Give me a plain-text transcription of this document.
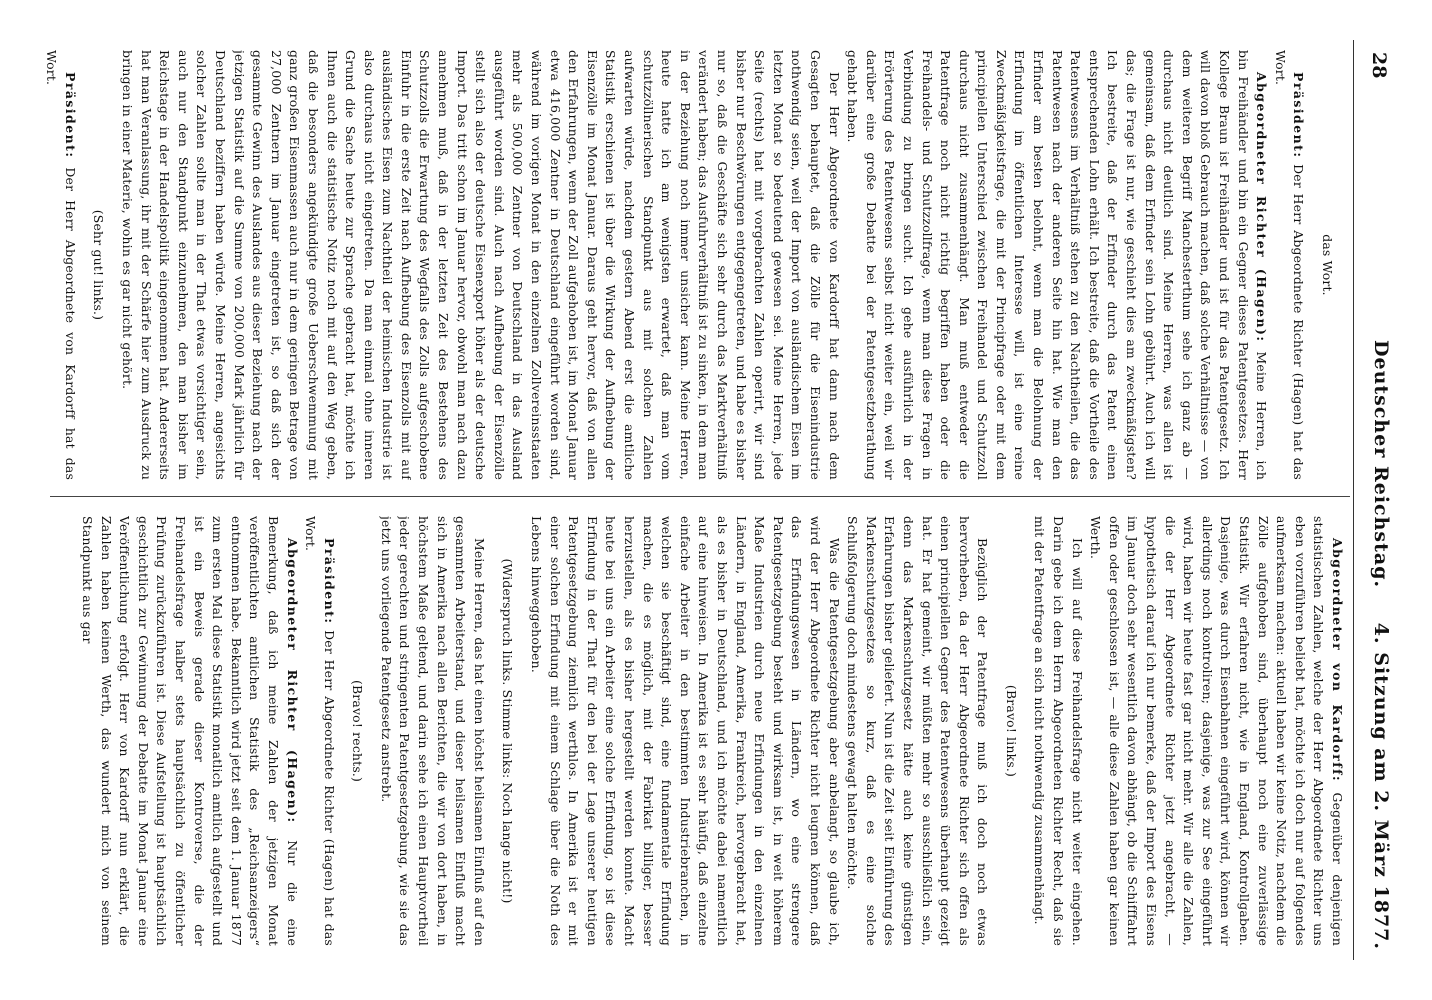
28
Deutscher Reichstag.
4. Sitzung am 2. März 1877.

das Wort.

Präsident: Der Herr Abgeordnete Richter (Hagen) hat das Wort.

Abgeordneter Richter (Hagen): Meine Herren, ich bin Freihändler und bin ein Gegner dieses Patentgesetzes. Herr Kollege Braun ist Freihändler und ist für das Patentgesetz. Ich will davon bloß Gebrauch machen, daß solche Verhältnisse — von dem weiteren Begriff Manchesterthum sehe ich ganz ab — durchaus nicht deutlich sind. Meine Herren, was allen ist gemeinsam, daß dem Erfinder sein Lohn gebührt. Auch ich will das; die Frage ist nur, wie geschieht dies am zweckmäßigsten? Ich bestreite, daß der Erfinder durch das Patent einen entsprechenden Lohn erhält. Ich bestreite, daß die Vortheile des Patentwesens im Verhältniß stehen zu den Nachtheilen, die das Patentwesen nach der anderen Seite hin hat. Wie man den Erfinder am besten belohnt, wenn man die Belohnung der Erfindung im öffentlichen Interesse will, ist eine reine Zweckmäßigkeitsfrage, die mit der Principfrage oder mit dem principiellen Unterschied zwischen Freihandel und Schutzzoll durchaus nicht zusammenhängt. Man muß entweder die Patentfrage noch nicht richtig begriffen haben oder die Freihandels- und Schutzzollfrage, wenn man diese Fragen in Verbindung zu bringen sucht. Ich gehe ausführlich in der Erörterung des Patentwesens selbst nicht weiter ein, weil wir darüber eine große Debatte bei der Patentgesetzberathung gehabt haben.

Der Herr Abgeordnete von Kardorff hat dann nach dem Gesagten behauptet, daß die Zölle für die Eisenindustrie nothwendig seien, weil der Import von ausländischem Eisen im letzten Monat so bedeutend gewesen sei. Meine Herren, jede Seite (rechts) hat mit vorgebrachten Zahlen operirt, wir sind bisher nur Beschwörungen entgegengetreten, und habe es bisher nur so, daß die Geschäfte sich sehr durch das Marktverhältniß verändert haben; das Ausfuhrverhältniß ist zu sinken, in dem man in der Beziehung noch immer unsicher kann. Meine Herren, heute hatte ich am wenigsten erwartet, daß man vom schutzzöllnerischen Standpunkt aus mit solchen Zahlen aufwarten würde, nachdem gestern Abend erst die amtliche Statistik erschienen ist über die Wirkung der Aufhebung der Eisenzölle im Monat Januar. Daraus geht hervor, daß von allen den Erfahrungen, wenn der Zoll aufgehoben ist, im Monat Januar etwa 416,000 Zentner in Deutschland eingeführt worden sind, während im vorigen Monat in den einzelnen Zollvereinsstaaten mehr als 500,000 Zentner von Deutschland in das Ausland ausgeführt worden sind. Auch nach Aufhebung der Eisenzölle stellt sich also der deutsche Eisenexport höher als der deutsche Import. Das tritt schon im Januar hervor, obwohl man nach dazu annehmen muß, daß in der letzten Zeit des Bestehens des Schutzzolls die Erwartung des Wegfalls des Zolls aufgeschobene Einfuhr in die erste Zeit nach Aufhebung des Eisenzolls mit auf ausländisches Eisen zum Nachtheil der heimischen Industrie ist also durchaus nicht eingetreten. Da man einmal ohne inneren Grund die Sache heute zur Sprache gebracht hat, möchte ich Ihnen auch die statistische Notiz noch mit auf den Weg geben, daß die besonders angekündigte große Ueberschwemmung mit ganz großen Eisenmassen auch nur in dem geringen Betrage von 27,000 Zentnern im Januar eingetreten ist, so daß sich der gesammte Gewinn des Auslandes aus dieser Beziehung nach der jetzigen Statistik auf die Summe von 200,000 Mark jährlich für Deutschland beziffern haben würde. Meine Herren, angesichts solcher Zahlen sollte man in der That etwas vorsichtiger sein, auch nur den Standpunkt einzunehmen, den man bisher im Reichstage in der Handelspolitik eingenommen hat. Andererseits hat man Veranlassung, ihr mit der Schärfe hier zum Ausdruck zu bringen in einer Materie, wohin es gar nicht gehört.

(Sehr gut! links.)

Präsident: Der Herr Abgeordnete von Kardorff hat das Wort.

Abgeordneter von Kardorff: Gegenüber denjenigen statistischen Zahlen, welche der Herr Abgeordnete Richter uns eben vorzuführen beliebt hat, möchte ich doch nur auf folgendes aufmerksam machen: aktuell haben wir keine Notiz, nachdem die Zölle aufgehoben sind, überhaupt noch eine zuverlässige Statistik. Wir erfahren nicht, wie in England, Kontrollgaben. Dasjenige, was durch Eisenbahnen eingeführt wird, können wir allerdings noch kontroliren; dasjenige, was zur See eingeführt wird, haben wir heute fast gar nicht mehr. Wir alle die Zahlen, die der Herr Abgeordnete Richter jetzt angebracht, — hypothetisch darauf ich nur bemerke, daß der Import des Eisens im Januar doch sehr wesentlich davon abhängt, ob die Schifffahrt offen oder geschlossen ist, — alle diese Zahlen haben gar keinen Werth.

Ich will auf diese Freihandelsfrage nicht weiter eingehen. Darin gebe ich dem Herrn Abgeordneten Richter Recht, daß sie mit der Patentfrage an sich nicht nothwendig zusammenhängt.

(Bravo! links.)

Bezüglich der Patentfrage muß ich doch noch etwas hervorheben, da der Herr Abgeordnete Richter sich offen als einen principiellen Gegner des Patentwesens überhaupt gezeigt hat. Er hat gemeint, wir müßten mehr so ausschließlich sein, denn das Markenschutzgesetz hätte auch keine günstigen Erfahrungen bisher geliefert. Nun ist die Zeit seit Einführung des Markenschutzgesetzes so kurz, daß es eine solche Schlußfolgerung doch mindestens gewagt halten möchte.

Was die Patentgesetzgebung aber anbelangt, so glaube ich, wird der Herr Abgeordnete Richter nicht leugnen können, daß das Erfindungswesen in Ländern, wo eine strengere Patentgesetzgebung besteht und wirksam ist, in weit höherem Maße Industrien durch neue Erfindungen in den einzelnen Ländern, in England, Amerika, Frankreich, hervorgebracht hat, als es bisher in Deutschland, und ich möchte dabei namentlich auf eine hinweisen. In Amerika ist es sehr häufig, daß einzelne einfache Arbeiter in den bestimmten Industriebranchen, in welchen sie beschäftigt sind, eine fundamentale Erfindung machen, die es möglich, mit der Fabrikat billiger, besser herzustellen, als es bisher hergestellt werden konnte. Macht heute bei uns ein Arbeiter eine solche Erfindung, so ist diese Erfindung in der That für den bei der Lage unserer heutigen Patentgesetzgebung ziemlich werthlos. In Amerika ist er mit einer solchen Erfindung mit einem Schlage über die Noth des Lebens hinweggehoben.

(Widerspruch links. Stimme links: Noch lange nicht!)

Meine Herren, das hat einen höchst heilsamen Einfluß auf den gesammten Arbeiterstand, und dieser heilsamen Einfluß macht sich in Amerika nach allen Berichten, die wir von dort haben, in höchstem Maße geltend, und darin sehe ich einen Hauptvortheil jeder gerechten und stringenten Patentgesetzgebung, wie sie das jetzt uns vorliegende Patentgesetz anstrebt.

(Bravo! rechts.)

Präsident: Der Herr Abgeordnete Richter (Hagen) hat das Wort.

Abgeordneter Richter (Hagen): Nur die eine Bemerkung, daß ich meine Zahlen der jetzigen Monat veröffentlichten amtlichen Statistik des „Reichsanzeigers“ entnommen habe. Bekanntlich wird jetzt seit dem 1. Januar 1877 zum ersten Mal diese Statistik monatlich amtlich aufgestellt und ist ein Beweis gerade dieser Kontroverse, die der Freihandelsfrage halber stets hauptsächlich zu öffentlicher Prüfung zurückzuführen ist. Diese Aufstellung ist hauptsächlich geschichtlich zur Gewinnung der Debatte im Monat Januar eine Veröffentlichung erfolgt. Herr von Kardorff nun erklärt, die Zahlen haben keinen Werth, das wundert mich von seinem Standpunkt aus gar
